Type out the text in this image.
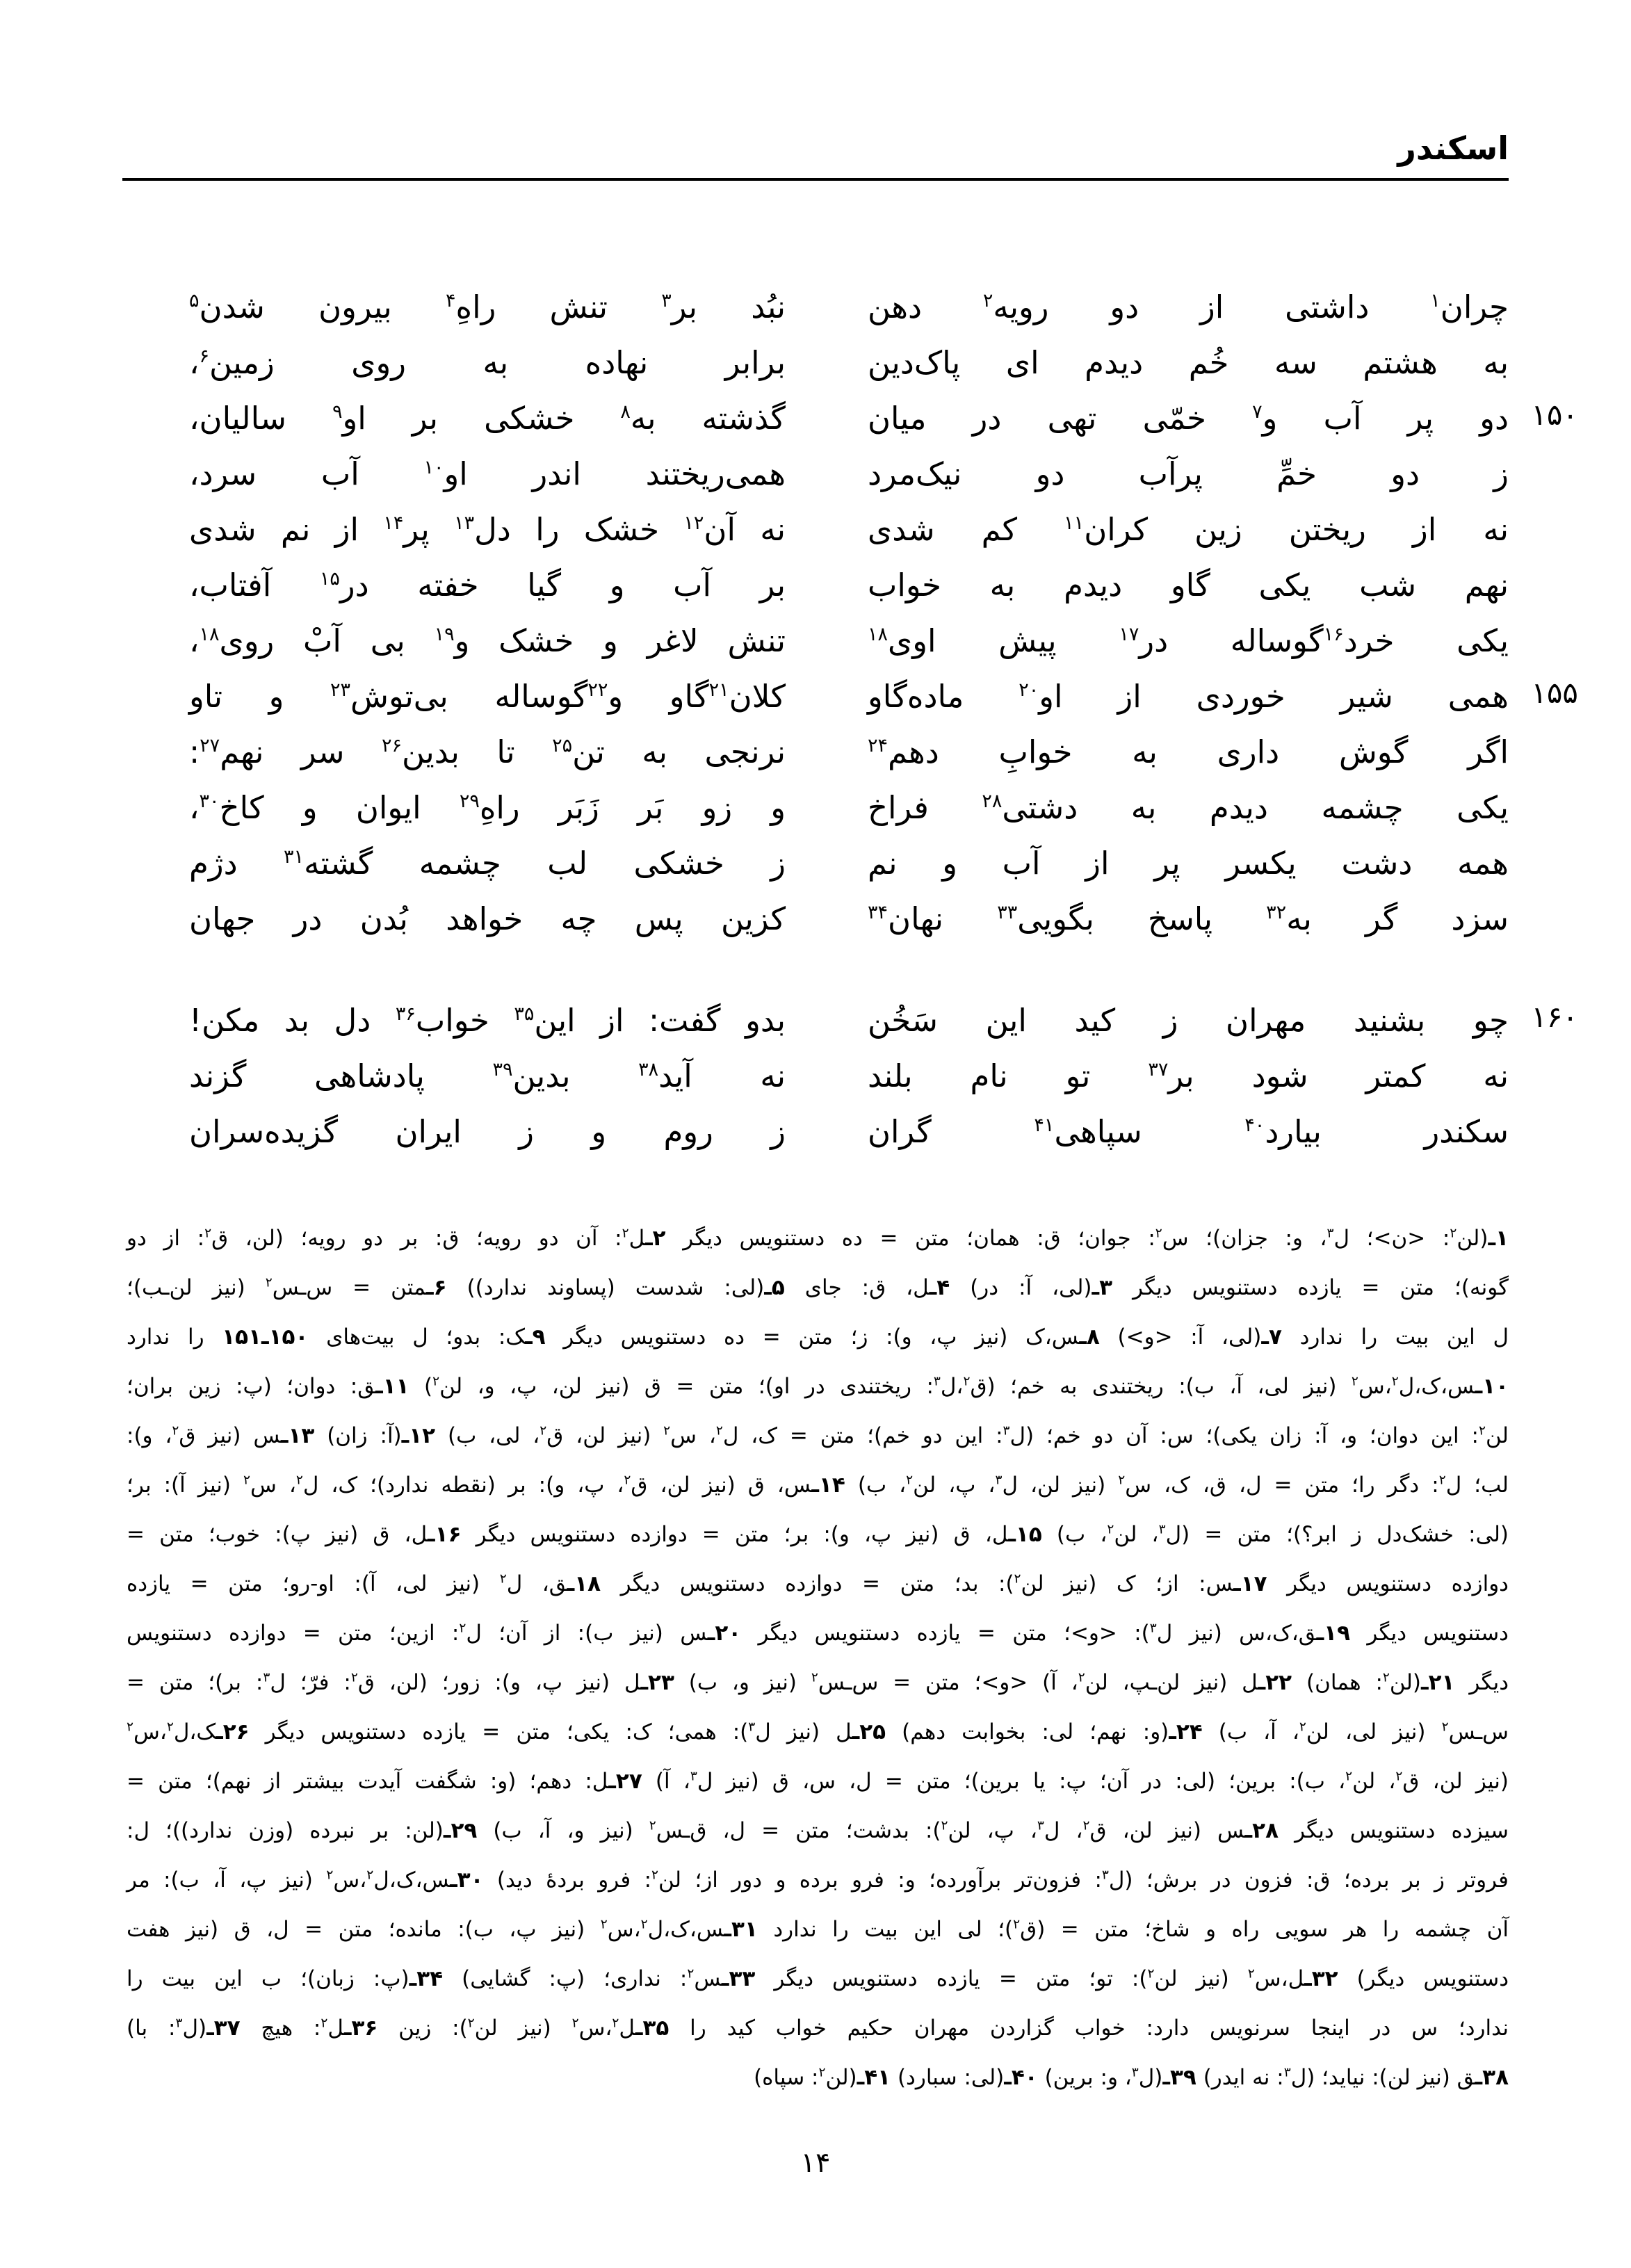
اسکندر
چران$^۱$ داشتی از دو رویه$^۲$ دهن
نبُد بر$^۳$ تنش راهِ$^۴$ بیرون شدن$^۵$
به هشتم سه خُم دیدم ای پاک‌دین
برابر نهاده به روی زمین$^۶$،
۱۵۰
دو پر آب و$^۷$ خمّی تهی در میان
گذشته به$^۸$ خشکی بر او$^۹$ سالیان،
ز دو خمِّ پرآب دو نیک‌مرد
همی‌ریختند اندر او$^{۱۰}$ آب سرد،
نه از ریختن زین کران$^{۱۱}$ کم شدی
نه آن$^{۱۲}$ خشک را دل$^{۱۳}$ پر$^{۱۴}$ از نم شدی
نهم شب یکی گاو دیدم به خواب
بر آب و گیا خفته در$^{۱۵}$ آفتاب،
یکی خرد$^{۱۶}$گوساله در$^{۱۷}$ پیش اوی$^{۱۸}$
تنش لاغر و خشک و$^{۱۹}$ بی آبْ روی$^{۱۸}$،
۱۵۵
همی شیر خوردی از او$^{۲۰}$ ماده‌گاو
کلان$^{۲۱}$گاو و$^{۲۲}$گوساله بی‌توش$^{۲۳}$ و تاو
اگر گوش داری به خوابِ دهم$^{۲۴}$
نرنجی به تن$^{۲۵}$ تا بدین$^{۲۶}$ سر نهم$^{۲۷}$:
یکی چشمه دیدم به دشتی$^{۲۸}$ فراخ
و زو بَر زَبَر راهِ$^{۲۹}$ ایوان و کاخ$^{۳۰}$،
همه دشت یکسر پر از آب و نم
ز خشکی لب چشمه گشته$^{۳۱}$ دژم
سزد گر به$^{۳۲}$ پاسخ بگویی$^{۳۳}$ نهان$^{۳۴}$
کزین پس چه خواهد بُدن در جهان
۱۶۰
چو بشنید مهران ز کید این سَخُن
بدو گفت: از این$^{۳۵}$ خواب$^{۳۶}$ دل بد مکن!
نه کمتر شود بر$^{۳۷}$ تو نام بلند
نه آید$^{۳۸}$ بدین$^{۳۹}$ پادشاهی گزند
سکندر بیارد$^{۴۰}$ سپاهی$^{۴۱}$ گران
ز روم و ز ایران گزیده‌سران
۱ـ(لن$^۲$: <ن>؛ ل$^۳$، و: جزان)؛ س$^۲$: جوان؛ ق: همان؛ متن = ده دستنویس دیگر ۲ـل$^۲$: آن دو رویه؛ ق: بر دو رویه؛ (لن، ق$^۲$: از دو
گونه)؛ متن = یازده دستنویس دیگر ۳ـ(لی، آ: در) ۴ـل، ق: جای ۵ـ(لی: شدست (پساوند ندارد)) ۶ـمتن = س‌ـس$^۲$ (نیز لن‌ـب)؛
ل این بیت را ندارد ۷ـ(لی، آ: <و>) ۸ـس،ک (نیز پ، و): ز؛ متن = ده دستنویس دیگر ۹ـک: بدو؛ ل بیت‌های ۱۵۰ـ۱۵۱ را ندارد
۱۰ـس،ک،ل$^۲$،س$^۲$ (نیز لی، آ، ب): ریختندی به خم؛ (ق$^۲$،ل$^۳$: ریختندی در او)؛ متن = ق (نیز لن، پ، و، لن$^۲$) ۱۱ـق: دوان؛ (پ: زین بران؛
لن$^۲$: این دوان؛ و، آ: زان یکی)؛ س: آن دو خم؛ (ل$^۳$: این دو خم)؛ متن = ک، ل$^۲$، س$^۲$ (نیز لن، ق$^۲$، لی، ب) ۱۲ـ(آ: زان) ۱۳ـس (نیز ق$^۲$، و):
لب؛ ل$^۲$: دگر را؛ متن = ل، ق، ک، س$^۲$ (نیز لن، ل$^۳$، پ، لن$^۲$، ب) ۱۴ـس، ق (نیز لن، ق$^۲$، پ، و): بر (نقطه ندارد)؛ ک، ل$^۲$، س$^۲$ (نیز آ): بر؛
(لی: خشک‌دل ز ابر؟)؛ متن = (ل$^۳$، لن$^۲$، ب) ۱۵ـل، ق (نیز پ، و): بر؛ متن = دوازده دستنویس دیگر ۱۶ـل، ق (نیز پ): خوب؛ متن =
دوازده دستنویس دیگر ۱۷ـس: از؛ ک (نیز لن$^۲$): بد؛ متن = دوازده دستنویس دیگر ۱۸ـق، ل$^۲$ (نیز لی، آ): او-رو؛ متن = یازده
دستنویس دیگر ۱۹ـق،ک،س (نیز ل$^۳$): <و>؛ متن = یازده دستنویس دیگر ۲۰ـس (نیز ب): از آن؛ ل$^۲$: ازین؛ متن = دوازده دستنویس
دیگر ۲۱ـ(لن$^۲$: همان) ۲۲ـل (نیز لن‌ـپ، لن$^۲$، آ) <و>؛ متن = س‌ـس$^۲$ (نیز و، ب) ۲۳ـل (نیز پ، و): زور؛ (لن، ق$^۲$: فرّ؛ ل$^۳$: بر)؛ متن =
س‌ـس$^۲$ (نیز لی، لن$^۲$، آ، ب) ۲۴ـ(و: نهم؛ لی: بخوابت دهم) ۲۵ـل (نیز ل$^۳$): همی؛ ک: یکی؛ متن = یازده دستنویس دیگر ۲۶ـک،ل$^۲$،س$^۲$
(نیز لن، ق$^۲$، لن$^۲$، ب): برین؛ (لی: در آن؛ پ: یا برین)؛ متن = ل، س، ق (نیز ل$^۳$، آ) ۲۷ـل: دهم؛ (و: شگفت آیدت بیشتر از نهم)؛ متن =
سیزده دستنویس دیگر ۲۸ـس (نیز لن، ق$^۲$، ل$^۳$، پ، لن$^۲$): بدشت؛ متن = ل، ق‌ـس$^۲$ (نیز و، آ، ب) ۲۹ـ(لن: بر نبرده (وزن ندارد))؛ ل:
فروتر ز بر برده؛ ق: فزون در برش؛ (ل$^۳$: فزون‌تر برآورده؛ و: فرو برده و دور از؛ لن$^۲$: فرو بردهٔ دید) ۳۰ـس،ک،ل$^۲$،س$^۲$ (نیز پ، آ، ب): مر
آن چشمه را هر سویی راه و شاخ؛ متن = (ق$^۲$)؛ لی این بیت را ندارد ۳۱ـس،ک،ل$^۲$،س$^۲$ (نیز پ، ب): مانده؛ متن = ل، ق (نیز هفت
دستنویس دیگر) ۳۲ـل،س$^۲$ (نیز لن$^۲$): تو؛ متن = یازده دستنویس دیگر ۳۳ـس$^۲$: نداری؛ (پ: گشایی) ۳۴ـ(پ: زبان)؛ ب این بیت را
ندارد؛ س در اینجا سرنویس دارد: خواب گزاردن مهران حکیم خواب کید را ۳۵ـل$^۲$،س$^۲$ (نیز لن$^۲$): زین ۳۶ـل$^۲$: هیچ ۳۷ـ(ل$^۳$: با)
۳۸ـق (نیز لن): نیاید؛ (ل$^۳$: نه ایدر) ۳۹ـ(ل$^۳$، و: برین) ۴۰ـ(لی: سبارد) ۴۱ـ(لن$^۲$: سپاه)
۱۴
